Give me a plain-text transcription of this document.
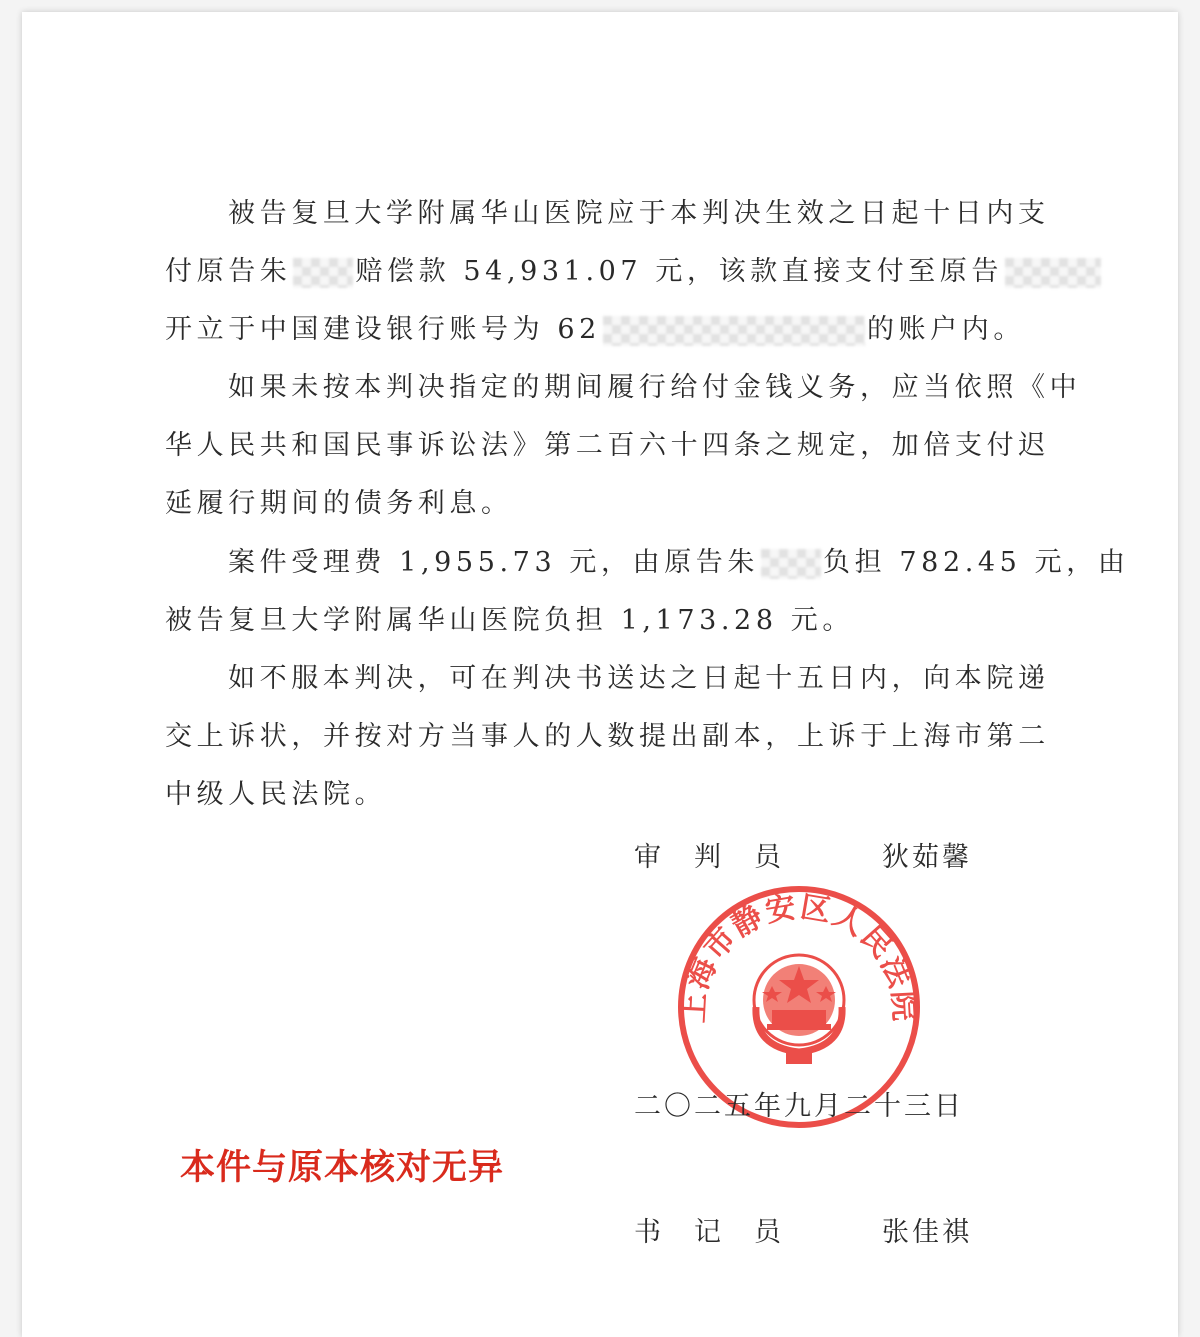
被告复旦大学附属华山医院应于本判决生效之日起十日内支
付原告朱 赔偿款 54,931.07 元，该款直接支付至原告
开立于中国建设银行账号为 62	的账户内。
如果未按本判决指定的期间履行给付金钱义务，应当依照《中
华人民共和国民事诉讼法》第二百六十四条之规定，加倍支付迟
延履行期间的债务利息。
案件受理费 1,955.73 元，由原告朱 负担 782.45 元，由
被告复旦大学附属华山医院负担 1,173.28 元。
如不服本判决，可在判决书送达之日起十五日内，向本院递
交上诉状，并按对方当事人的人数提出副本，上诉于上海市第二
中级人民法院。
审　判　员	狄茹馨
上海市静安区人民法院
二〇二五年九月二十三日
本件与原本核对无异
书　记　员	张佳祺
